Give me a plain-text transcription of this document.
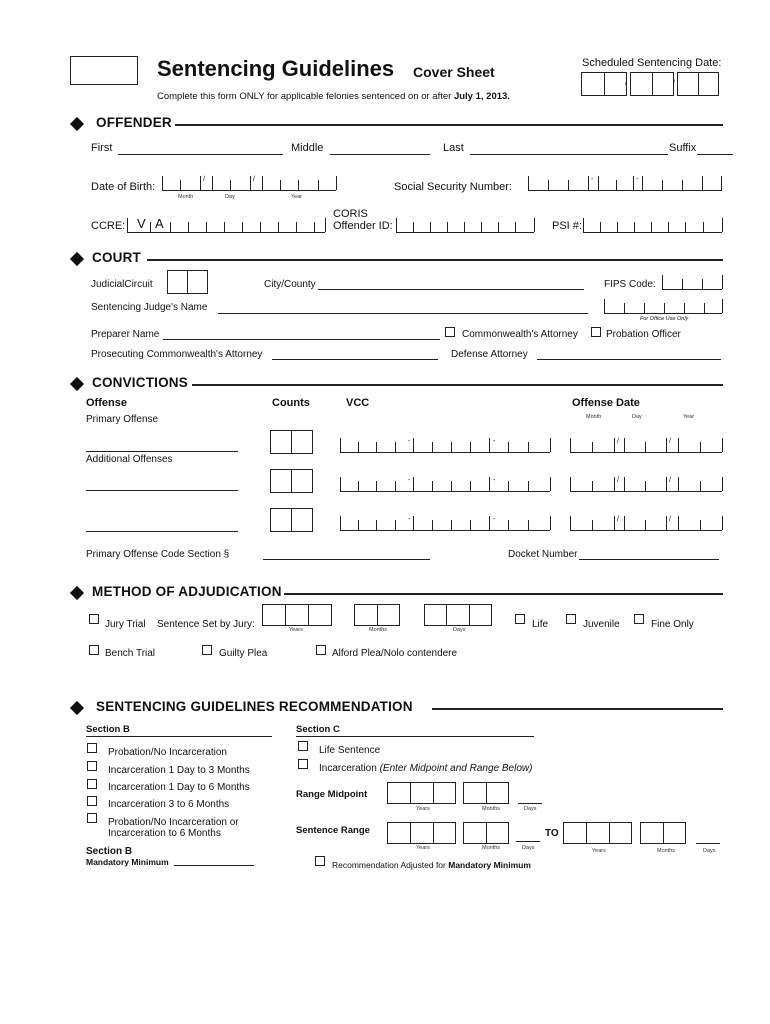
Sentencing Guidelines Cover Sheet
Complete this form ONLY for applicable felonies sentenced on or after July 1, 2013.
Scheduled Sentencing Date:
/	/
OFFENDER
First	Middle	Last	Suffix
Date of Birth:
/	/
Month	Day	Year
Social Security Number:
-	-
CCRE: V A
CORIS
Offender ID:	PSI #:
COURT
JudicialCircuit	City/County	FIPS Code:
Sentencing Judge's Name
For Office Use Only
Preparer Name	Commonwealth's Attorney	Probation Officer
Prosecuting Commonwealth's Attorney	Defense Attorney
CONVICTIONS
Offense	Counts	VCC	Offense Date
Month	Day	Year
Primary Offense
-	-	/	/
Additional Offenses
-	-	/	/
-	-	/	/
Primary Offense Code Section §	Docket Number
METHOD OF ADJUDICATION
Jury Trial Sentence Set by Jury:	Years	Months	Days	Life	Juvenile	Fine Only
Bench Trial	Guilty Plea	Alford Plea/Nolo contendere
SENTENCING GUIDELINES RECOMMENDATION
Section B	Section C
Probation/No Incarceration
Incarceration 1 Day to 3 Months
Incarceration 1 Day to 6 Months
Incarceration 3 to 6 Months
Probation/No Incarceration or
Incarceration to 6 Months
Life Sentence
Incarceration (Enter Midpoint and Range Below)
Range Midpoint
Years	Months	Days
Sentence Range
Years	Months	Days
TO
Years	Months	Days
Section B
Mandatory Minimum	Recommendation Adjusted for Mandatory Minimum
